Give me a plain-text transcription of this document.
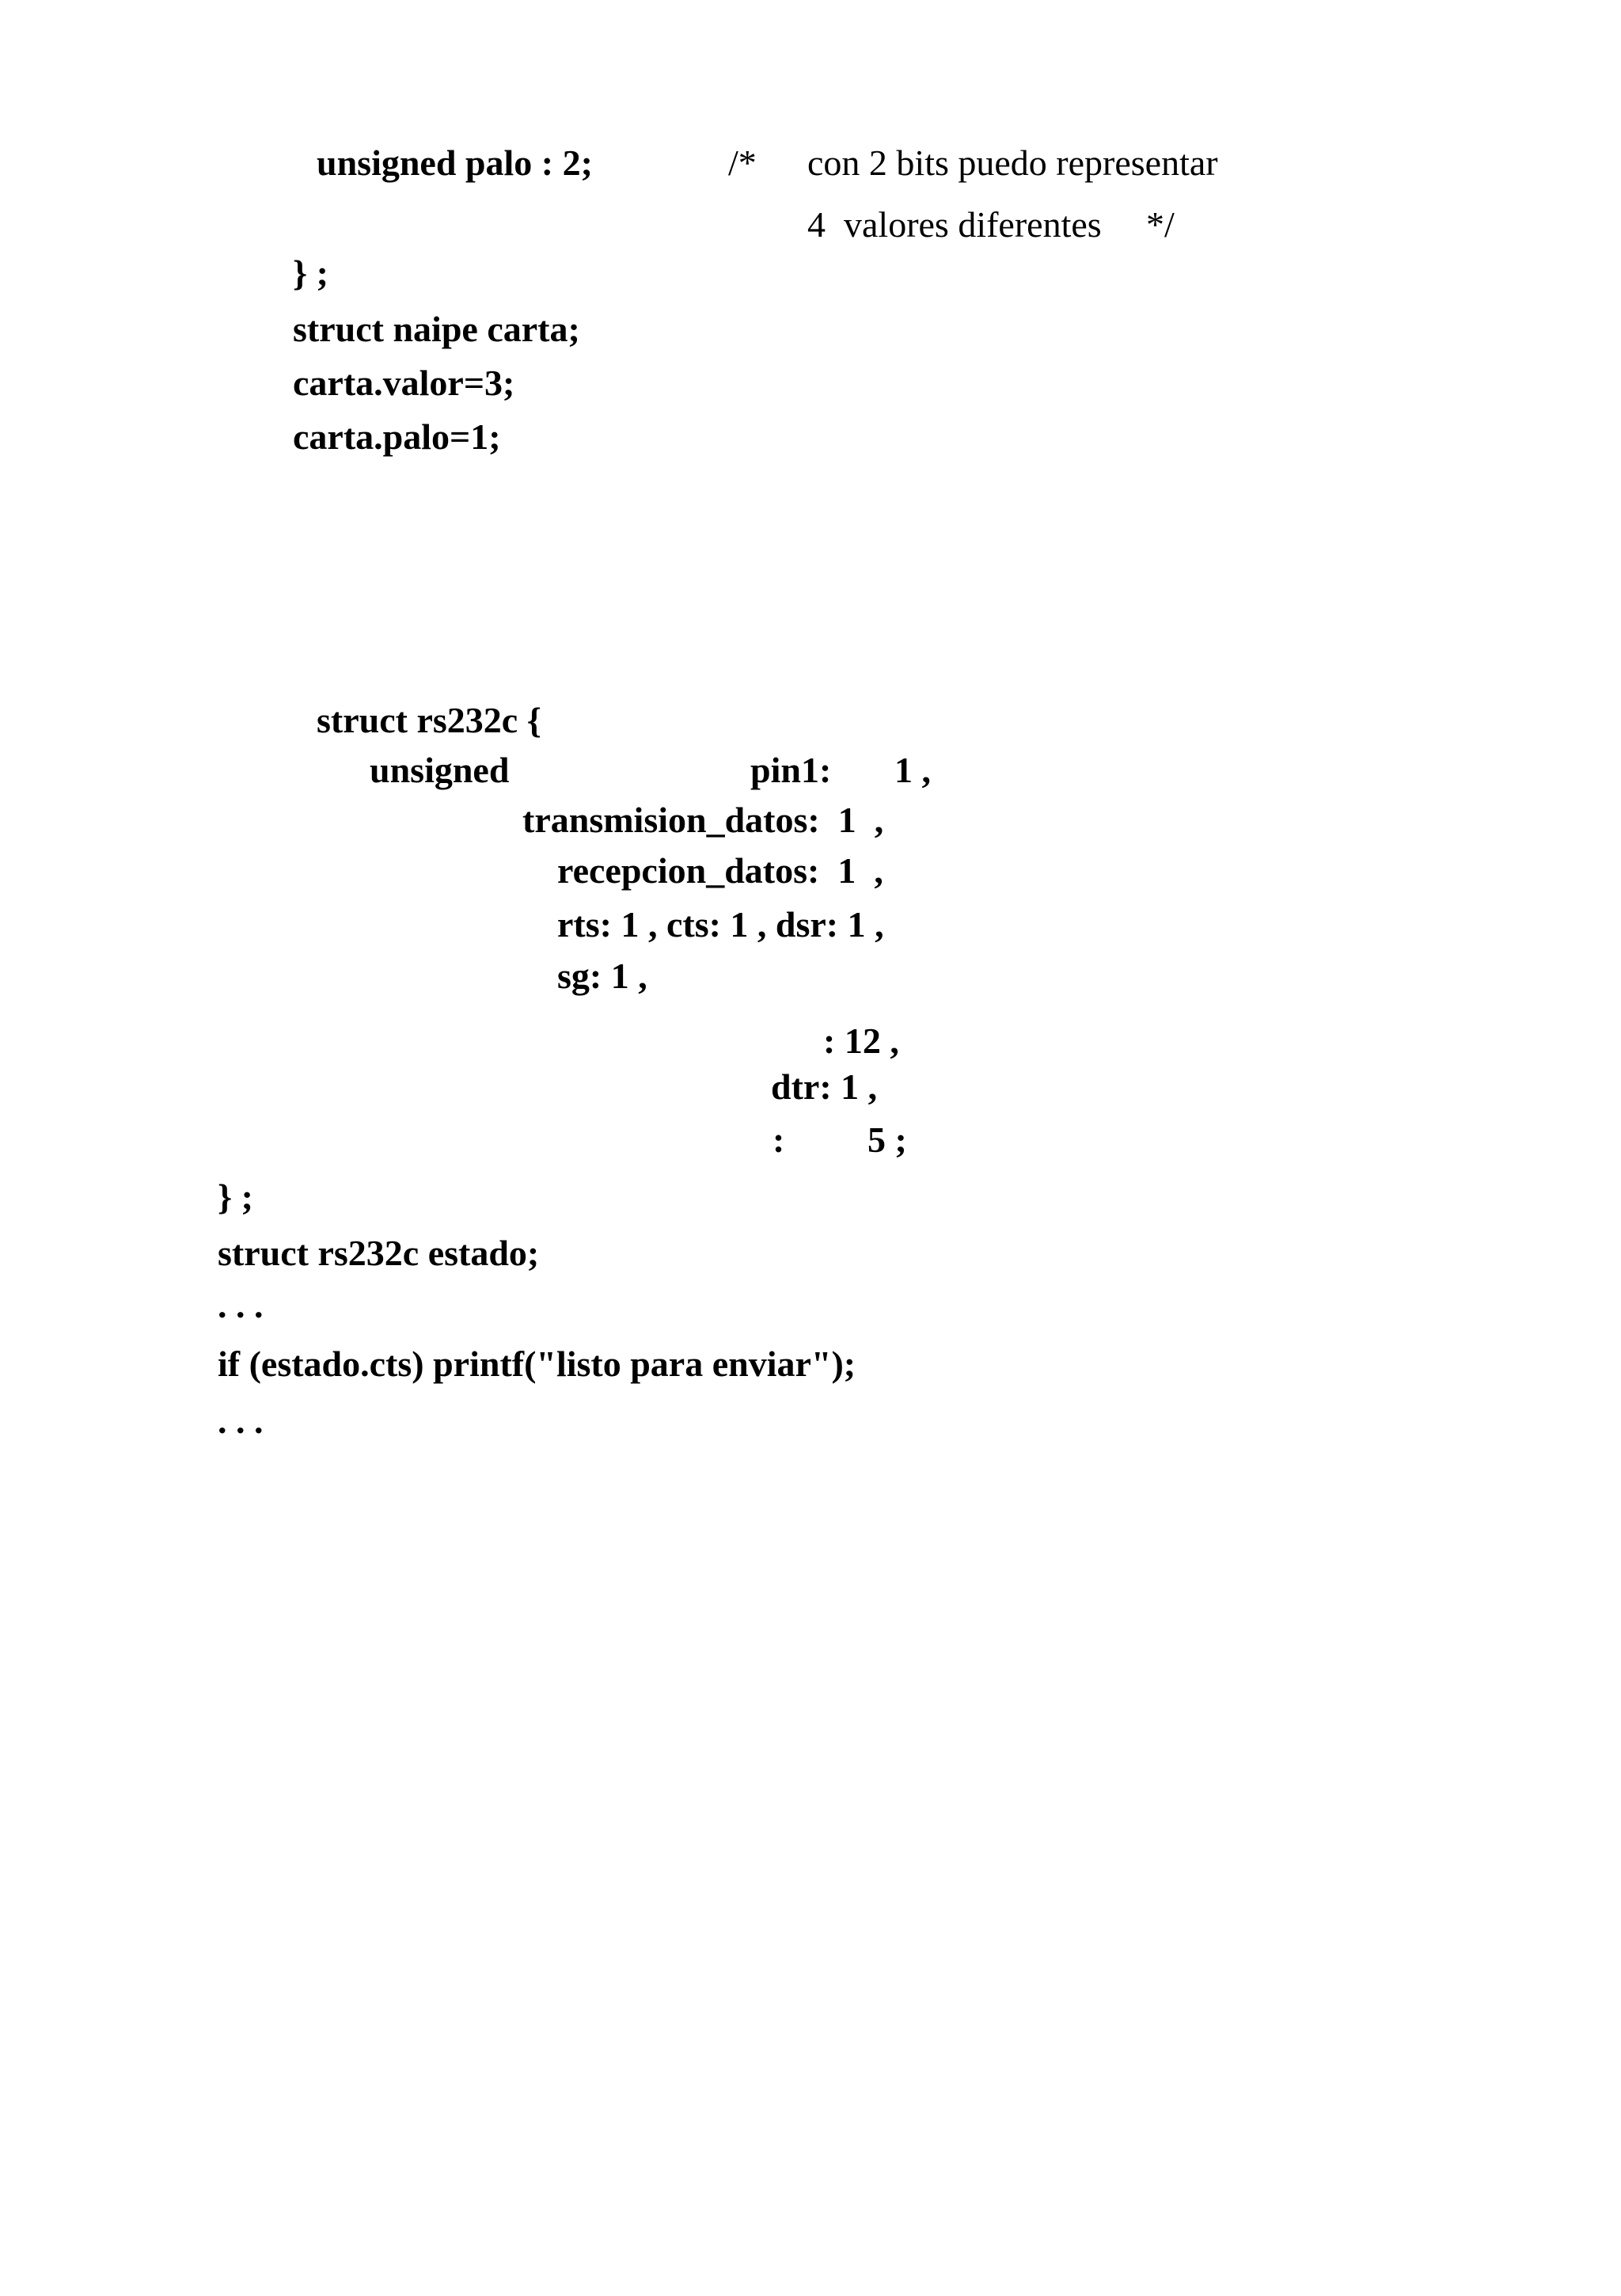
unsigned palo : 2;	/* con 2 bits puedo representar
4  valores diferentes */
} ;
struct naipe carta;
carta.valor=3;
carta.palo=1;
struct rs232c {
unsigned	pin1: 1 ,
transmision_datos:  1  ,
recepcion_datos:  1  ,
rts: 1 , cts: 1 , dsr: 1 ,
sg: 1 ,
: 12 ,
dtr: 1 ,
: 5 ;
} ;
struct rs232c estado;
. . .
if (estado.cts) printf("listo para enviar");
. . .
